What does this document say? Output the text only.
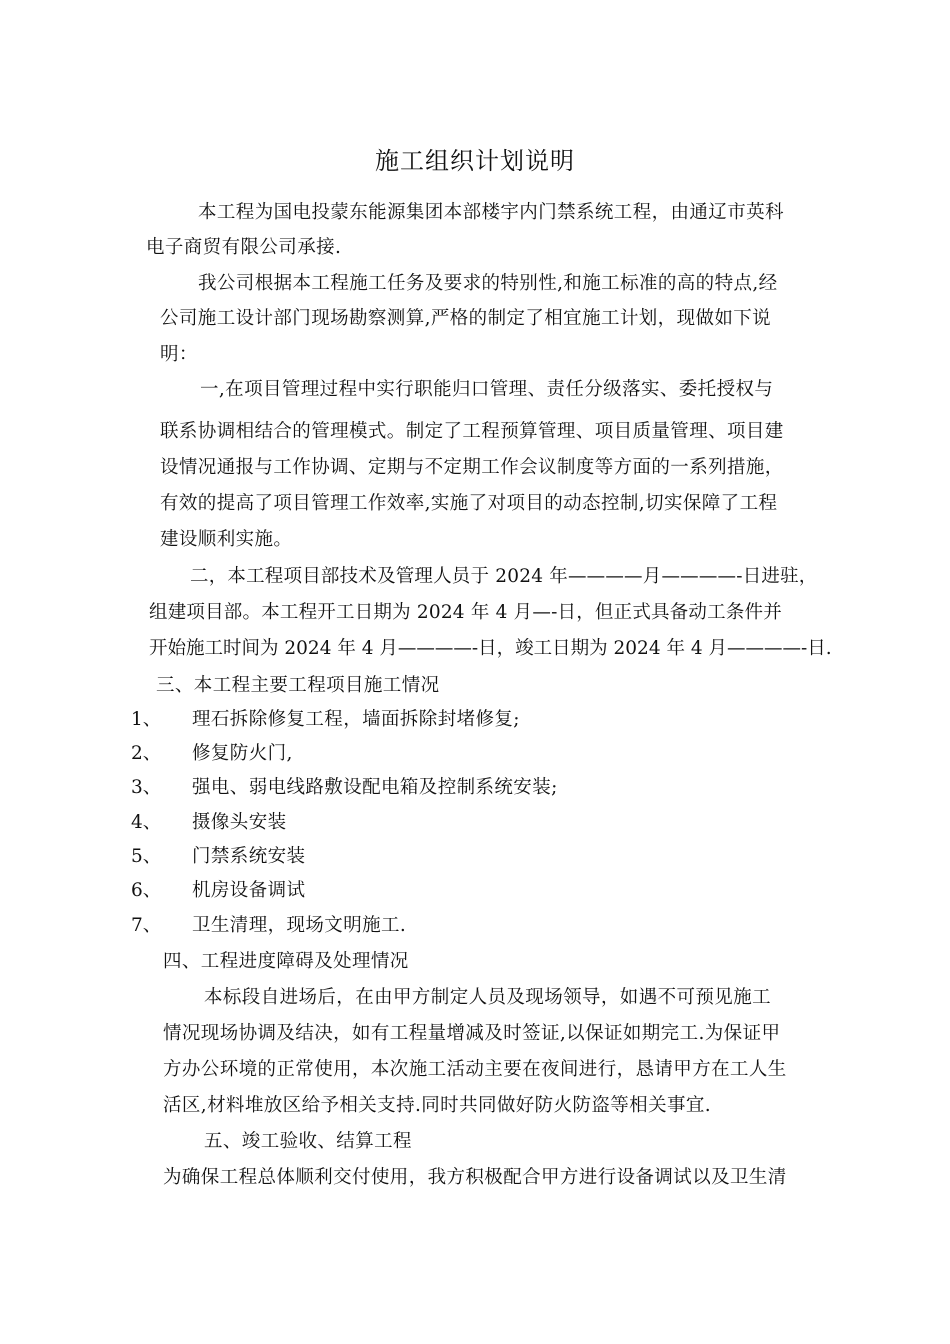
施工组织计划说明
本工程为国电投蒙东能源集团本部楼宇内门禁系统工程，由通辽市英科
电子商贸有限公司承接.
我公司根据本工程施工任务及要求的特别性,和施工标准的高的特点,经
公司施工设计部门现场勘察测算,严格的制定了相宜施工计划，现做如下说
明：
一,在项目管理过程中实行职能归口管理、责任分级落实、委托授权与
联系协调相结合的管理模式。制定了工程预算管理、项目质量管理、项目建
设情况通报与工作协调、定期与不定期工作会议制度等方面的一系列措施，
有效的提高了项目管理工作效率,实施了对项目的动态控制,切实保障了工程
建设顺利实施。
二，本工程项目部技术及管理人员于 2024 年————月————-日进驻，
组建项目部。本工程开工日期为 2024 年 4 月—-日，但正式具备动工条件并
开始施工时间为 2024 年 4 月————-日，竣工日期为 2024 年 4 月————-日.
三、本工程主要工程项目施工情况
1、 理石拆除修复工程，墙面拆除封堵修复;
2、 修复防火门,
3、 强电、弱电线路敷设配电箱及控制系统安装;
4、 摄像头安装
5、 门禁系统安装
6、 机房设备调试
7、 卫生清理，现场文明施工.
四、工程进度障碍及处理情况
本标段自进场后，在由甲方制定人员及现场领导，如遇不可预见施工
情况现场协调及结决，如有工程量增减及时签证,以保证如期完工.为保证甲
方办公环境的正常使用，本次施工活动主要在夜间进行，恳请甲方在工人生
活区,材料堆放区给予相关支持.同时共同做好防火防盗等相关事宜.
五、竣工验收、结算工程
为确保工程总体顺利交付使用，我方积极配合甲方进行设备调试以及卫生清
